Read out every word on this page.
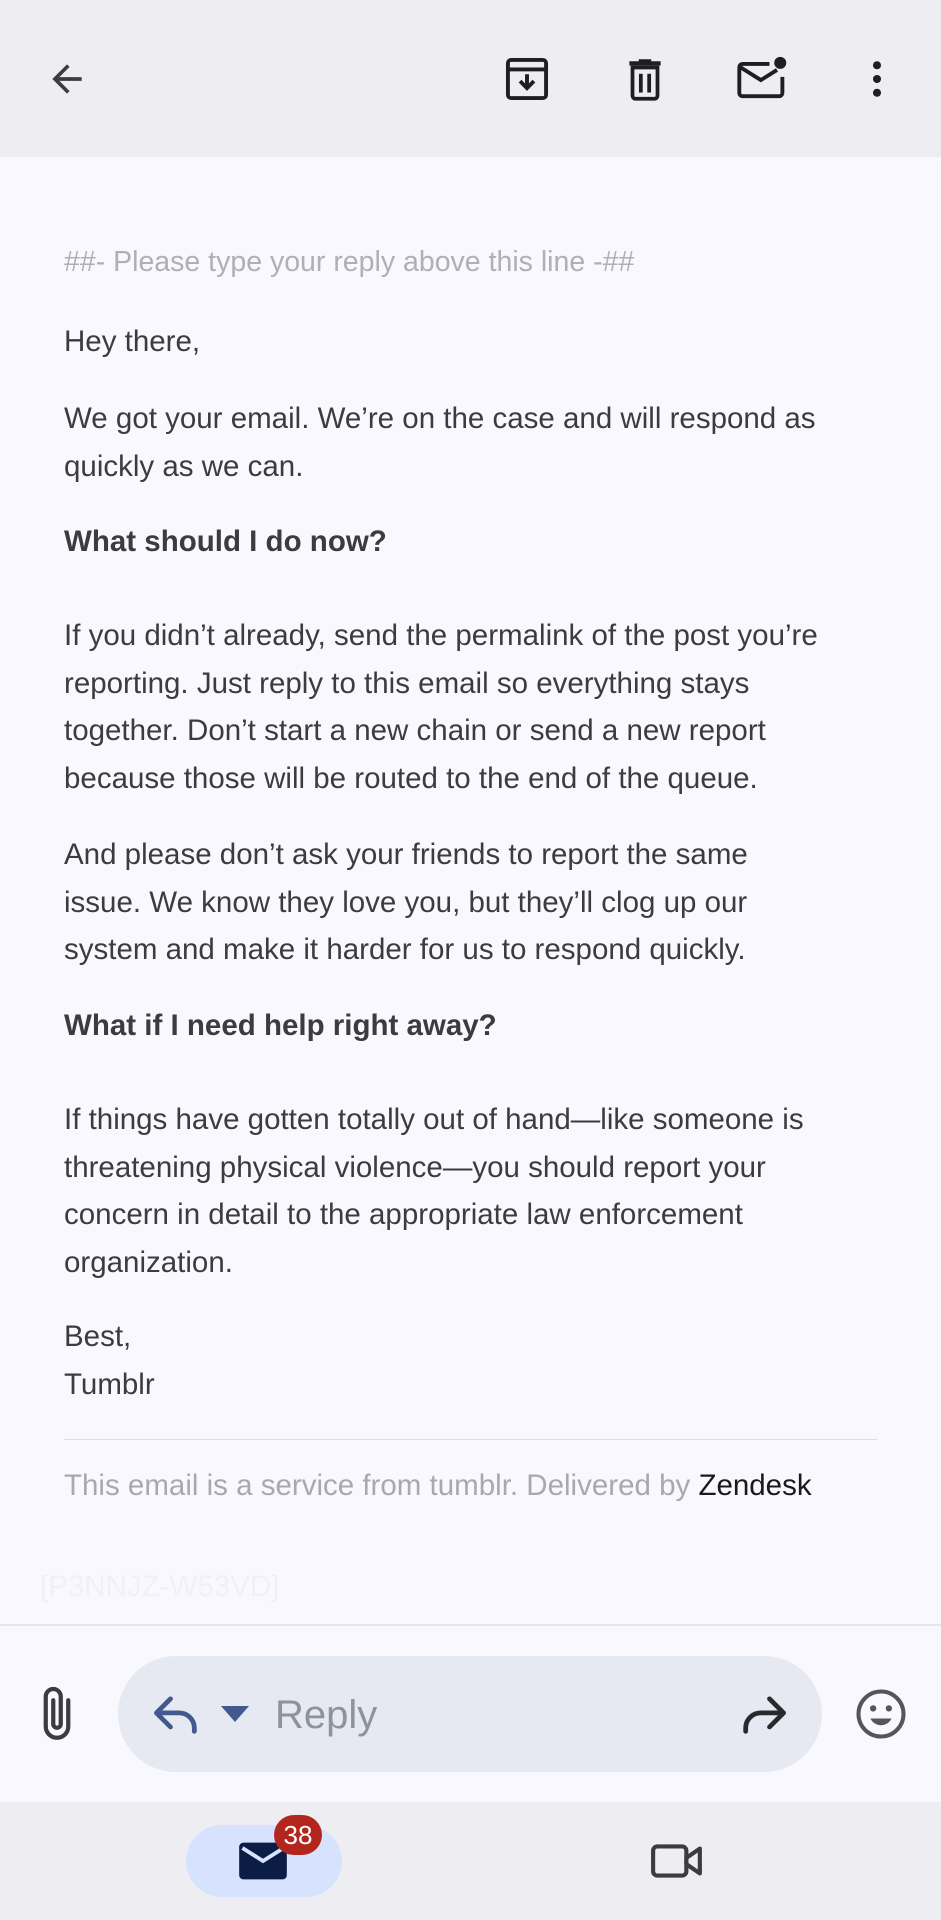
##- Please type your reply above this line -##
Hey there,
We got your email. We’re on the case and will respond as
quickly as we can.
What should I do now?
If you didn’t already, send the permalink of the post you’re
reporting. Just reply to this email so everything stays
together. Don’t start a new chain or send a new report
because those will be routed to the end of the queue.
And please don’t ask your friends to report the same
issue. We know they love you, but they’ll clog up our
system and make it harder for us to respond quickly.
What if I need help right away?
If things have gotten totally out of hand—like someone is
threatening physical violence—you should report your
concern in detail to the appropriate law enforcement
organization.
Best,
Tumblr
This email is a service from tumblr. Delivered by Zendesk
[P3NNJZ-W53VD]
Reply
38
